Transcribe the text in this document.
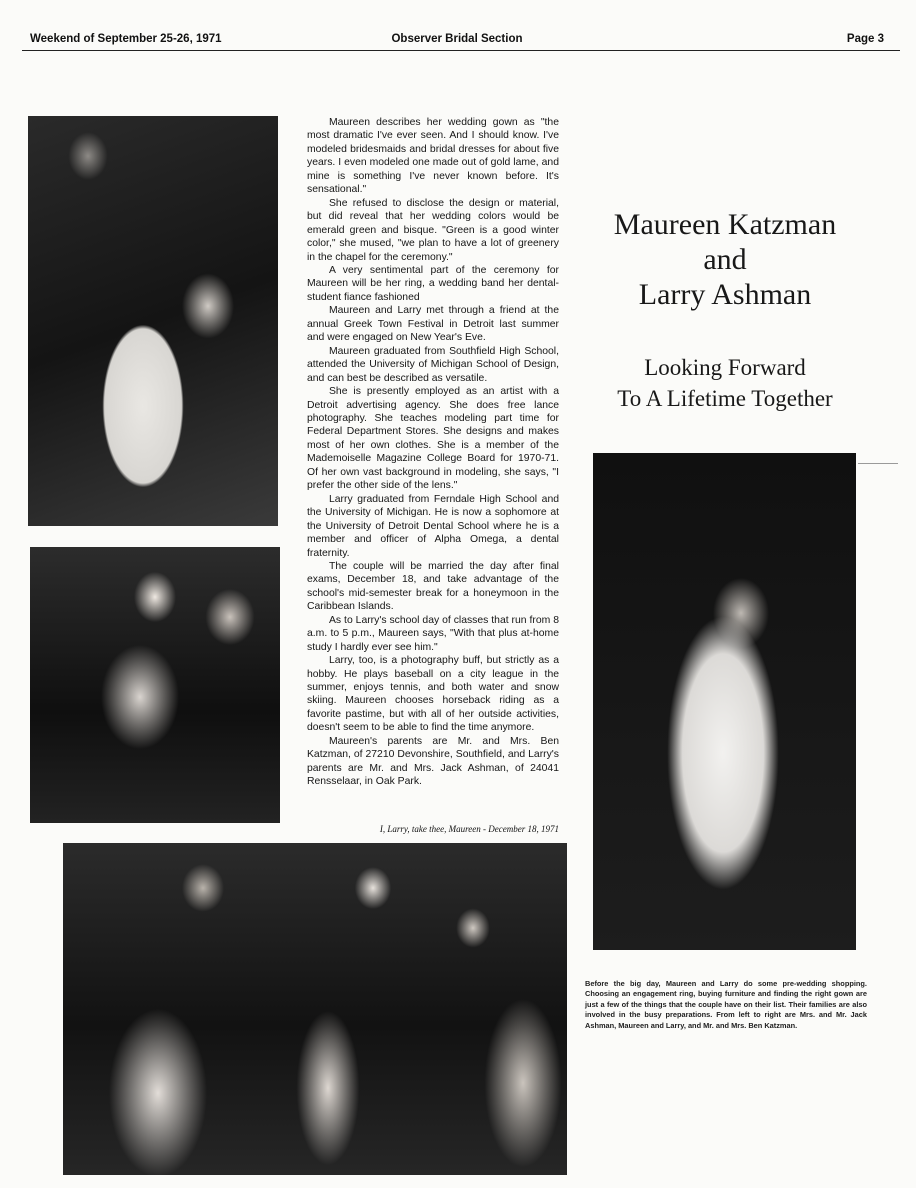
Weekend of September 25-26, 1971	Observer Bridal Section	Page 3

Maureen describes her wedding gown as "the most dramatic I've ever seen. And I should know. I've modeled bridesmaids and bridal dresses for about five years. I even modeled one made out of gold lame, and mine is something I've never known before. It's sensational."

She refused to disclose the design or material, but did reveal that her wedding colors would be emerald green and bisque. "Green is a good winter color," she mused, "we plan to have a lot of greenery in the chapel for the ceremony."

A very sentimental part of the ceremony for Maureen will be her ring, a wedding band her dental-student fiance fashioned

Maureen and Larry met through a friend at the annual Greek Town Festival in Detroit last summer and were engaged on New Year's Eve.

Maureen graduated from Southfield High School, attended the University of Michigan School of Design, and can best be described as versatile.

She is presently employed as an artist with a Detroit advertising agency. She does free lance photography. She teaches modeling part time for Federal Department Stores. She designs and makes most of her own clothes. She is a member of the Mademoiselle Magazine College Board for 1970-71. Of her own vast background in modeling, she says, "I prefer the other side of the lens."

Larry graduated from Ferndale High School and the University of Michigan. He is now a sophomore at the University of Detroit Dental School where he is a member and officer of Alpha Omega, a dental fraternity.

The couple will be married the day after final exams, December 18, and take advantage of the school's mid-semester break for a honeymoon in the Caribbean Islands.

As to Larry's school day of classes that run from 8 a.m. to 5 p.m., Maureen says, "With that plus at-home study I hardly ever see him."

Larry, too, is a photography buff, but strictly as a hobby. He plays baseball on a city league in the summer, enjoys tennis, and both water and snow skiing. Maureen chooses horseback riding as a favorite pastime, but with all of her outside activities, doesn't seem to be able to find the time anymore.

Maureen's parents are Mr. and Mrs. Ben Katzman, of 27210 Devonshire, Southfield, and Larry's parents are Mr. and Mrs. Jack Ashman, of 24041 Rensselaar, in Oak Park.

I, Larry, take thee, Maureen - December 18, 1971
Maureen Katzman
and
Larry Ashman
Looking Forward
To A Lifetime Together
Before the big day, Maureen and Larry do some pre-wedding shopping. Choosing an engagement ring, buying furniture and finding the right gown are just a few of the things that the couple have on their list. Their families are also involved in the busy preparations. From left to right are Mrs. and Mr. Jack Ashman, Maureen and Larry, and Mr. and Mrs. Ben Katzman.
